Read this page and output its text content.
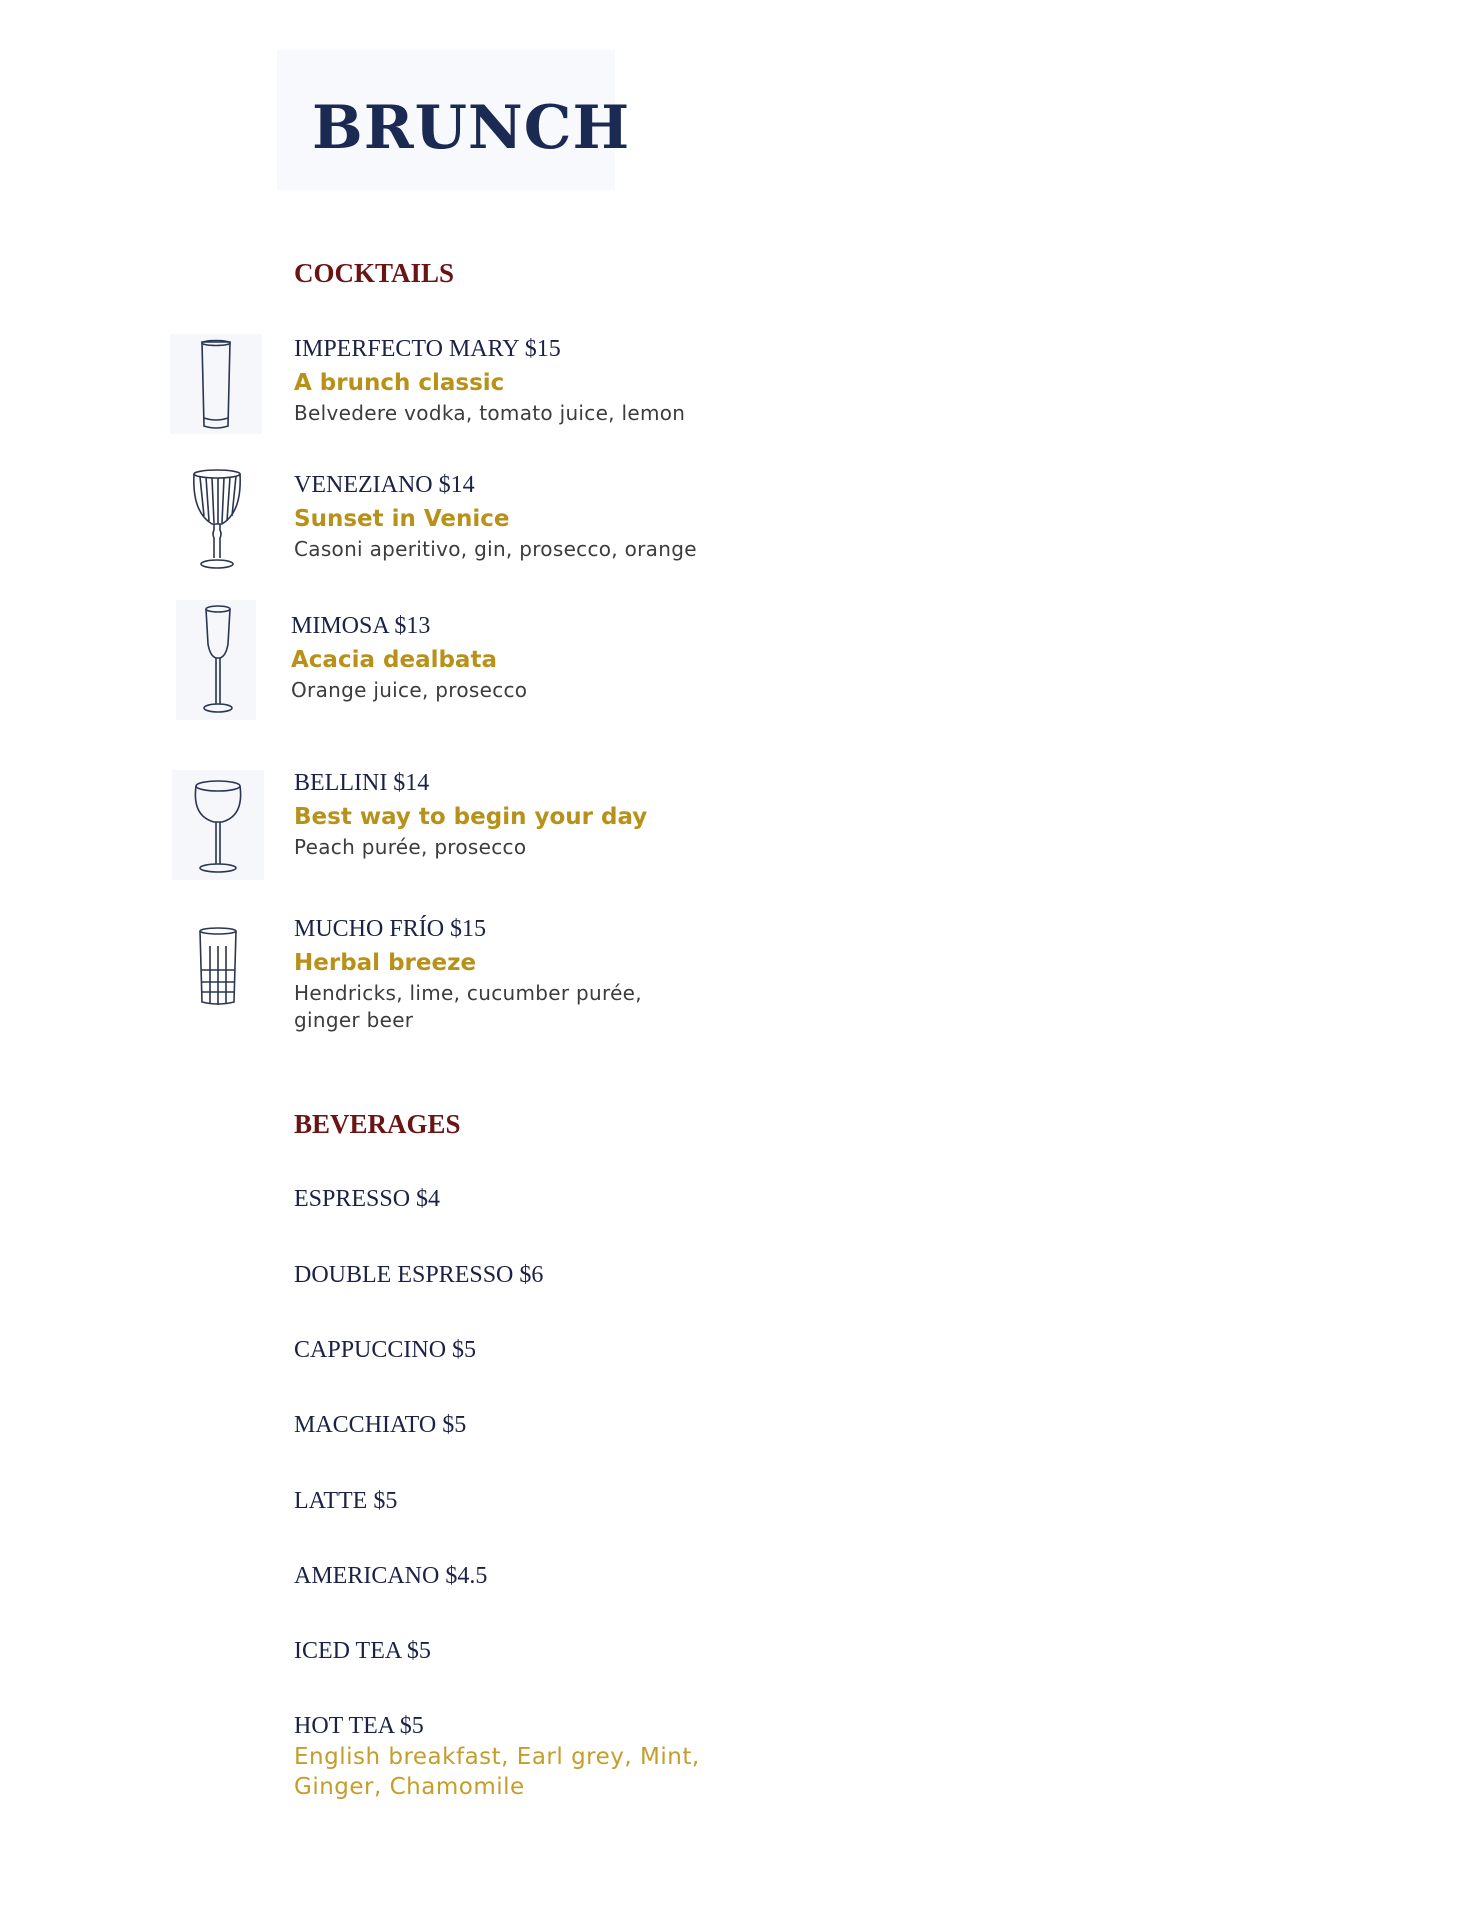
BRUNCH
COCKTAILS
IMPERFECTO MARY $15
A brunch classic
Belvedere vodka, tomato juice, lemon
VENEZIANO $14
Sunset in Venice
Casoni aperitivo, gin, prosecco, orange
MIMOSA $13
Acacia dealbata
Orange juice, prosecco
BELLINI $14
Best way to begin your day
Peach purée, prosecco
MUCHO FRÍO $15
Herbal breeze
Hendricks, lime, cucumber purée, ginger beer
BEVERAGES
ESPRESSO $4
DOUBLE ESPRESSO $6
CAPPUCCINO $5
MACCHIATO $5
LATTE $5
AMERICANO $4.5
ICED TEA $5
HOT TEA $5
English breakfast, Earl grey, Mint, Ginger, Chamomile
